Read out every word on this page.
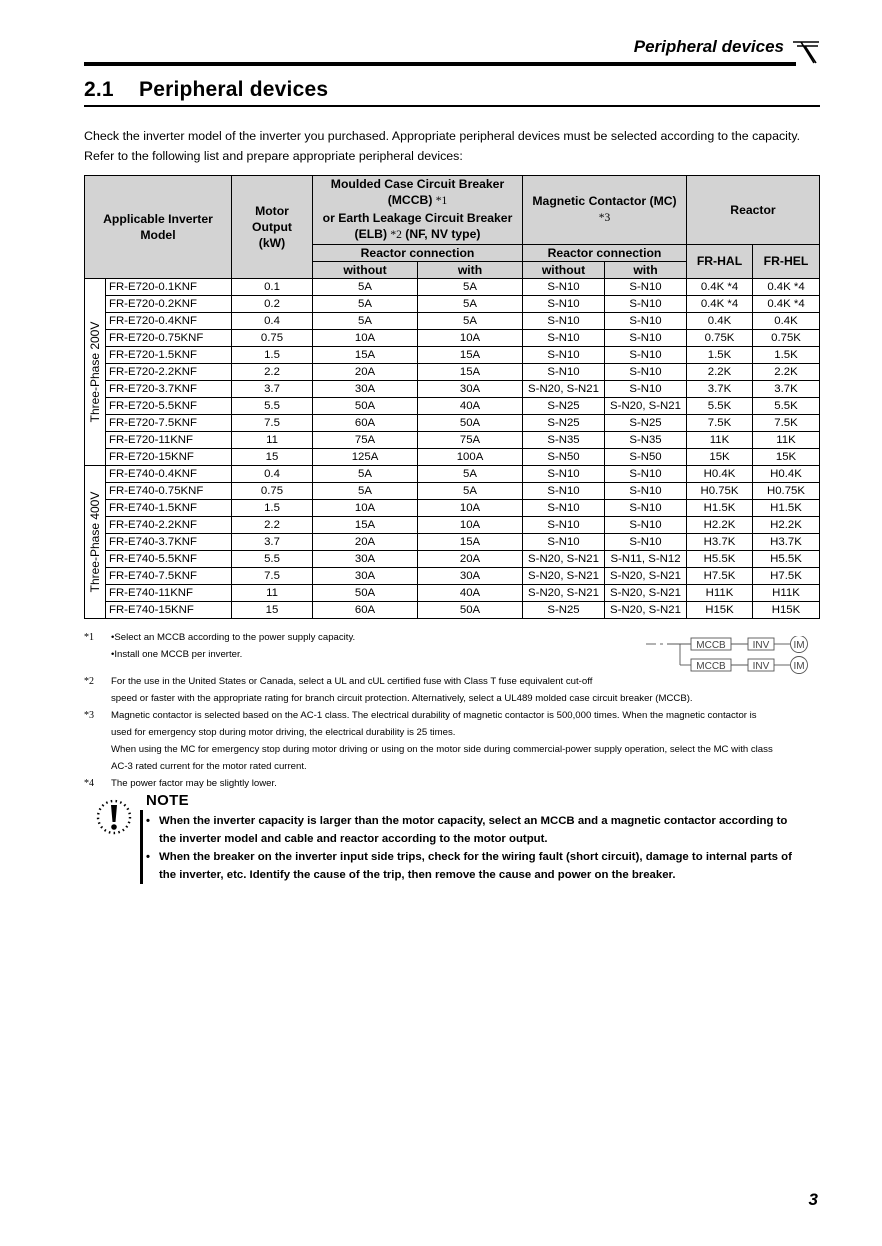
Peripheral devices
2.1 Peripheral devices
Check the inverter model of the inverter you purchased. Appropriate peripheral devices must be selected according to the capacity.
Refer to the following list and prepare appropriate peripheral devices:
Applicable Inverter
Model

Motor
Output
(kW)

Moulded Case Circuit Breaker
(MCCB) *1
or Earth Leakage Circuit Breaker
(ELB) *2 (NF, NV type)

Magnetic Contactor (MC)
*3
	Reactor
			Reactor connection		Reactor connection		FR-HAL	FR-HEL
			without	with	without	with		

Three-Phase 200V	FR-E720-0.1KNF	0.1	5A	5A	S-N10	S-N10	0.4K *4	0.4K *4
	FR-E720-0.2KNF	0.2	5A	5A	S-N10	S-N10	0.4K *4	0.4K *4
	FR-E720-0.4KNF	0.4	5A	5A	S-N10	S-N10	0.4K	0.4K
	FR-E720-0.75KNF	0.75	10A	10A	S-N10	S-N10	0.75K	0.75K
	FR-E720-1.5KNF	1.5	15A	15A	S-N10	S-N10	1.5K	1.5K
	FR-E720-2.2KNF	2.2	20A	15A	S-N10	S-N10	2.2K	2.2K
	FR-E720-3.7KNF	3.7	30A	30A	S-N20, S-N21	S-N10	3.7K	3.7K
	FR-E720-5.5KNF	5.5	50A	40A	S-N25	S-N20, S-N21	5.5K	5.5K
	FR-E720-7.5KNF	7.5	60A	50A	S-N25	S-N25	7.5K	7.5K
	FR-E720-11KNF	11	75A	75A	S-N35	S-N35	11K	11K
	FR-E720-15KNF	15	125A	100A	S-N50	S-N50	15K	15K

Three-Phase 400V	FR-E740-0.4KNF	0.4	5A	5A	S-N10	S-N10	H0.4K	H0.4K
	FR-E740-0.75KNF	0.75	5A	5A	S-N10	S-N10	H0.75K	H0.75K
	FR-E740-1.5KNF	1.5	10A	10A	S-N10	S-N10	H1.5K	H1.5K
	FR-E740-2.2KNF	2.2	15A	10A	S-N10	S-N10	H2.2K	H2.2K
	FR-E740-3.7KNF	3.7	20A	15A	S-N10	S-N10	H3.7K	H3.7K
	FR-E740-5.5KNF	5.5	30A	20A	S-N20, S-N21	S-N11, S-N12	H5.5K	H5.5K
	FR-E740-7.5KNF	7.5	30A	30A	S-N20, S-N21	S-N20, S-N21	H7.5K	H7.5K
	FR-E740-11KNF	11	50A	40A	S-N20, S-N21	S-N20, S-N21	H11K	H11K
	FR-E740-15KNF	15	60A	50A	S-N25	S-N20, S-N21	H15K	H15K
*1 •Select an MCCB according to the power supply capacity.
•Install one MCCB per inverter.
*2 For the use in the United States or Canada, select a UL and cUL certified fuse with Class T fuse equivalent cut-off
speed or faster with the appropriate rating for branch circuit protection. Alternatively, select a UL489 molded case circuit breaker (MCCB).
*3 Magnetic contactor is selected based on the AC-1 class. The electrical durability of magnetic contactor is 500,000 times. When the magnetic contactor is
used for emergency stop during motor driving, the electrical durability is 25 times.
When using the MC for emergency stop during motor driving or using on the motor side during commercial-power supply operation, select the MC with class
AC-3 rated current for the motor rated current.
*4 The power factor may be slightly lower.
MCCB
MCCB
INV
INV
IM
IM
NOTE
• When the inverter capacity is larger than the motor capacity, select an MCCB and a magnetic contactor according to
the inverter model and cable and reactor according to the motor output.
• When the breaker on the inverter input side trips, check for the wiring fault (short circuit), damage to internal parts of
the inverter, etc. Identify the cause of the trip, then remove the cause and power on the breaker.
3
